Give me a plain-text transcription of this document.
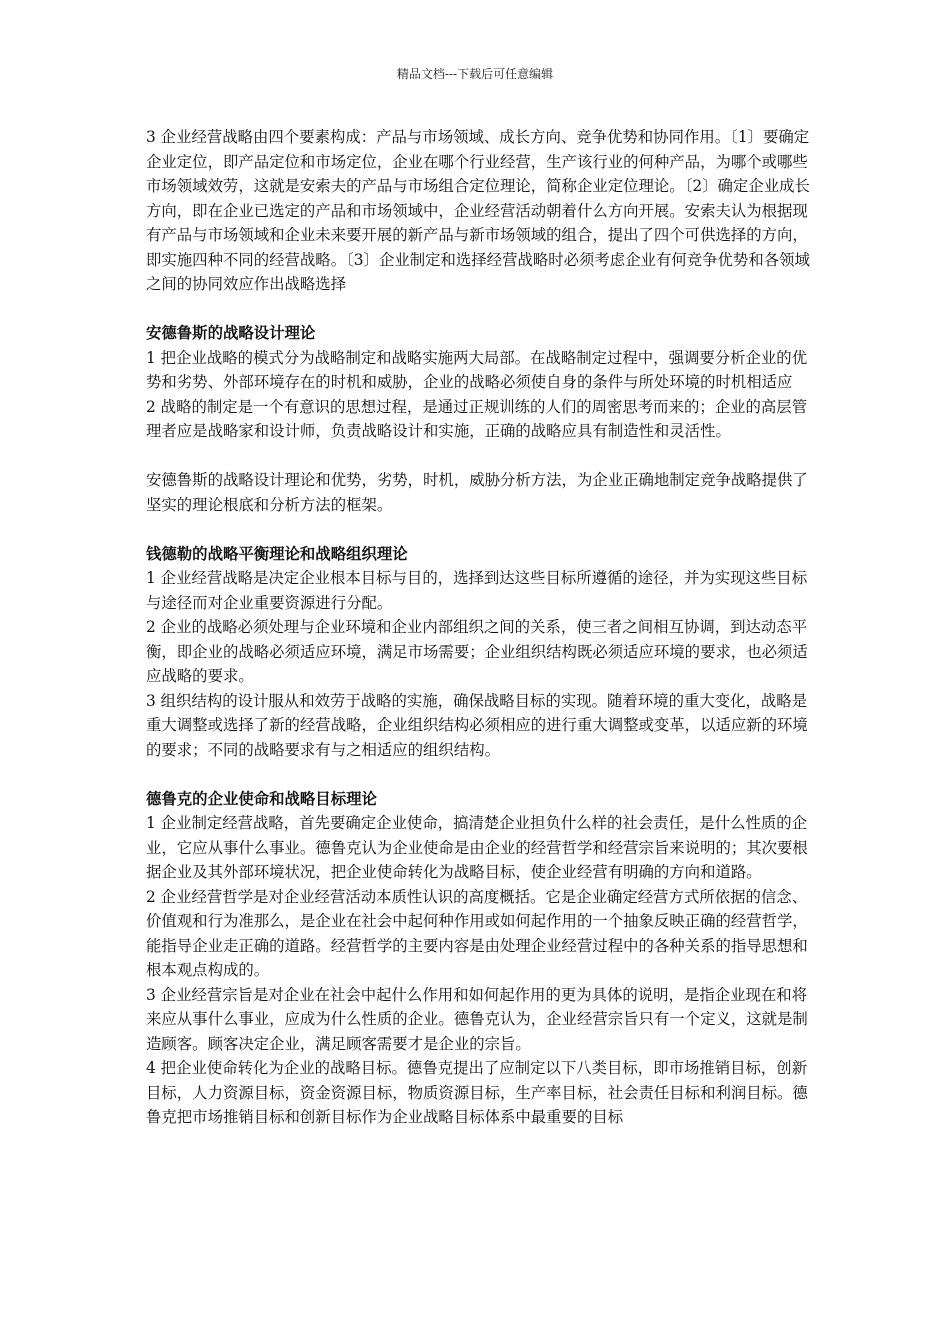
精品文档---下载后可任意编辑

3 企业经营战略由四个要素构成：产品与市场领域、成长方向、竞争优势和协同作用。〔1〕要确定企业定位，即产品定位和市场定位，企业在哪个行业经营，生产该行业的何种产品，为哪个或哪些市场领域效劳，这就是安索夫的产品与市场组合定位理论，简称企业定位理论。〔2〕确定企业成长方向，即在企业已选定的产品和市场领域中，企业经营活动朝着什么方向开展。安索夫认为根据现有产品与市场领域和企业未来要开展的新产品与新市场领域的组合，提出了四个可供选择的方向，即实施四种不同的经营战略。〔3〕企业制定和选择经营战略时必须考虑企业有何竞争优势和各领域之间的协同效应作出战略选择

安德鲁斯的战略设计理论

1 把企业战略的模式分为战略制定和战略实施两大局部。在战略制定过程中，强调要分析企业的优势和劣势、外部环境存在的时机和威胁，企业的战略必须使自身的条件与所处环境的时机相适应

2 战略的制定是一个有意识的思想过程，是通过正规训练的人们的周密思考而来的；企业的高层管理者应是战略家和设计师，负责战略设计和实施，正确的战略应具有制造性和灵活性。

安德鲁斯的战略设计理论和优势，劣势，时机，威胁分析方法，为企业正确地制定竞争战略提供了坚实的理论根底和分析方法的框架。

钱德勒的战略平衡理论和战略组织理论

1 企业经营战略是决定企业根本目标与目的，选择到达这些目标所遵循的途径，并为实现这些目标与途径而对企业重要资源进行分配。

2 企业的战略必须处理与企业环境和企业内部组织之间的关系，使三者之间相互协调，到达动态平衡，即企业的战略必须适应环境，满足市场需要；企业组织结构既必须适应环境的要求，也必须适应战略的要求。

3 组织结构的设计服从和效劳于战略的实施，确保战略目标的实现。随着环境的重大变化，战略是重大调整或选择了新的经营战略，企业组织结构必须相应的进行重大调整或变革，以适应新的环境的要求；不同的战略要求有与之相适应的组织结构。

德鲁克的企业使命和战略目标理论

1 企业制定经营战略，首先要确定企业使命，搞清楚企业担负什么样的社会责任，是什么性质的企业，它应从事什么事业。德鲁克认为企业使命是由企业的经营哲学和经营宗旨来说明的；其次要根据企业及其外部环境状况，把企业使命转化为战略目标，使企业经营有明确的方向和道路。

2 企业经营哲学是对企业经营活动本质性认识的高度概括。它是企业确定经营方式所依据的信念、价值观和行为准那么，是企业在社会中起何种作用或如何起作用的一个抽象反映正确的经营哲学，能指导企业走正确的道路。经营哲学的主要内容是由处理企业经营过程中的各种关系的指导思想和根本观点构成的。

3 企业经营宗旨是对企业在社会中起什么作用和如何起作用的更为具体的说明，是指企业现在和将来应从事什么事业，应成为什么性质的企业。德鲁克认为，企业经营宗旨只有一个定义，这就是制造顾客。顾客决定企业，满足顾客需要才是企业的宗旨。

4 把企业使命转化为企业的战略目标。德鲁克提出了应制定以下八类目标，即市场推销目标，创新目标，人力资源目标，资金资源目标，物质资源目标，生产率目标，社会责任目标和利润目标。德鲁克把市场推销目标和创新目标作为企业战略目标体系中最重要的目标
